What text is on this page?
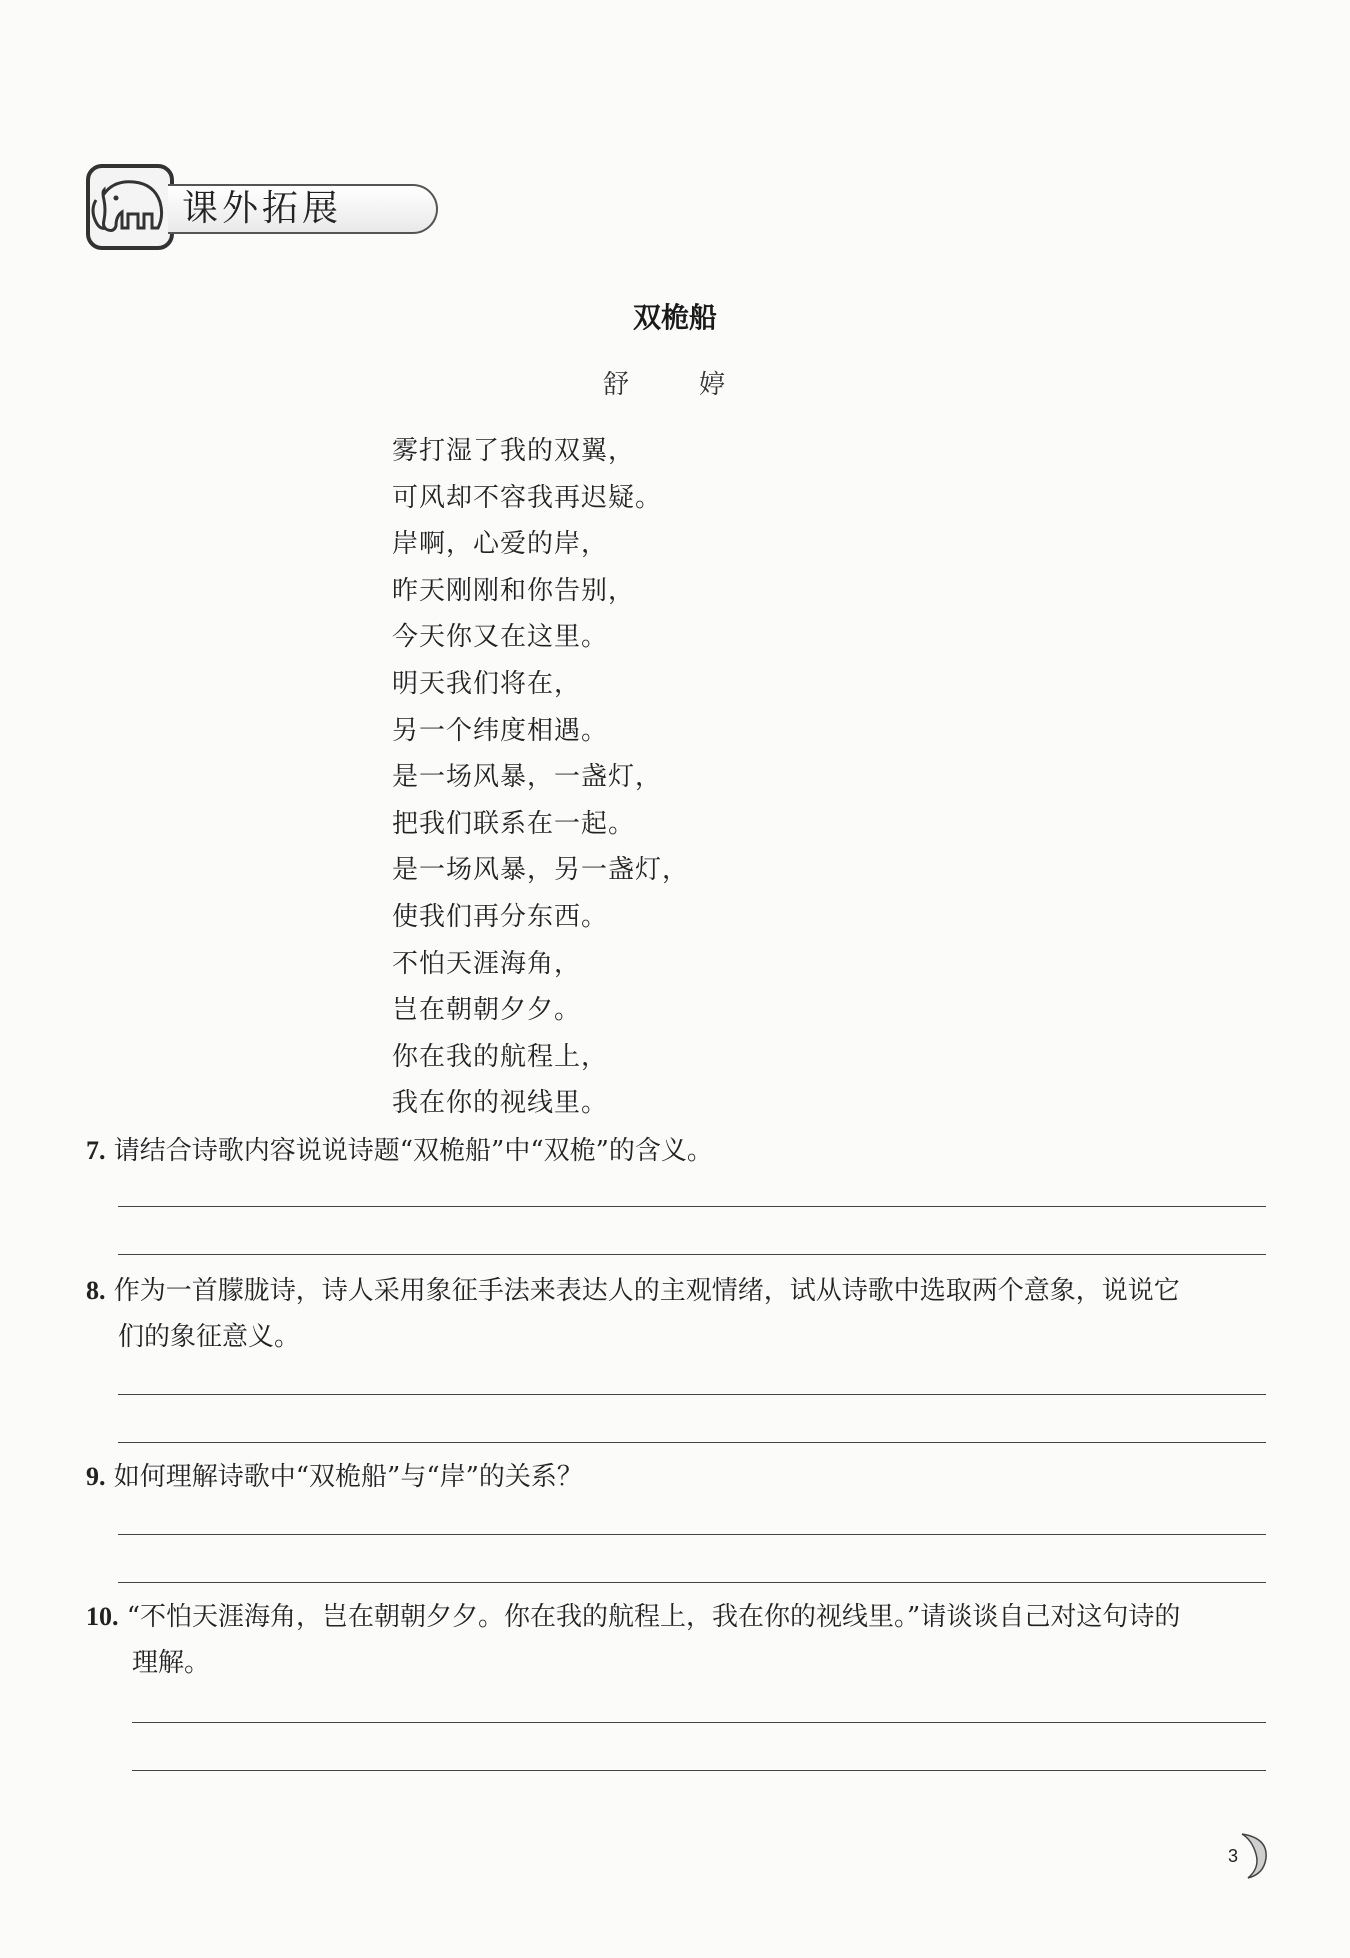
课外拓展
双桅船
舒　婷
雾打湿了我的双翼，
可风却不容我再迟疑。
岸啊，心爱的岸，
昨天刚刚和你告别，
今天你又在这里。
明天我们将在，
另一个纬度相遇。
是一场风暴，一盏灯，
把我们联系在一起。
是一场风暴，另一盏灯，
使我们再分东西。
不怕天涯海角，
岂在朝朝夕夕。
你在我的航程上，
我在你的视线里。
7. 请结合诗歌内容说说诗题“双桅船”中“双桅”的含义。
8. 作为一首朦胧诗，诗人采用象征手法来表达人的主观情绪，试从诗歌中选取两个意象，说说它
们的象征意义。
9. 如何理解诗歌中“双桅船”与“岸”的关系？
10. “不怕天涯海角，岂在朝朝夕夕。你在我的航程上，我在你的视线里。”请谈谈自己对这句诗的
理解。
3
